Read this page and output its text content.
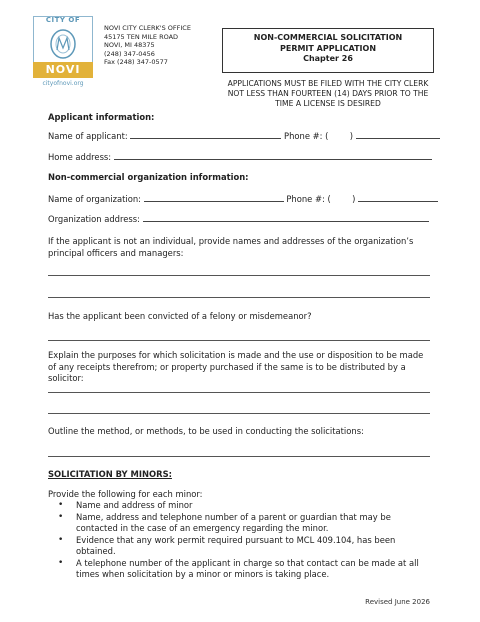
CITY OF
NOVI
cityofnovi.org
NOVI CITY CLERK'S OFFICE
45175 TEN MILE ROAD
NOVI, MI 48375
(248) 347-0456
Fax (248) 347-0577
NON-COMMERCIAL SOLICITATION
PERMIT APPLICATION
Chapter 26
APPLICATIONS MUST BE FILED WITH THE CITY CLERK NOT LESS THAN FOURTEEN (14) DAYS PRIOR TO THE TIME A LICENSE IS DESIRED
Applicant information:
Name of applicant:	Phone #: (	)
Home address:
Non-commercial organization information:
Name of organization:	Phone #: (	)
Organization address:
If the applicant is not an individual, provide names and addresses of the organization’s principal officers and managers:
Has the applicant been convicted of a felony or misdemeanor?
Explain the purposes for which solicitation is made and the use or disposition to be made of any receipts therefrom; or property purchased if the same is to be distributed by a solicitor:
Outline the method, or methods, to be used in conducting the solicitations:
SOLICITATION BY MINORS:
Provide the following for each minor:
• Name and address of minor
• Name, address and telephone number of a parent or guardian that may be contacted in the case of an emergency regarding the minor.
• Evidence that any work permit required pursuant to MCL 409.104, has been obtained.
• A telephone number of the applicant in charge so that contact can be made at all times when solicitation by a minor or minors is taking place.
Revised June 2026
